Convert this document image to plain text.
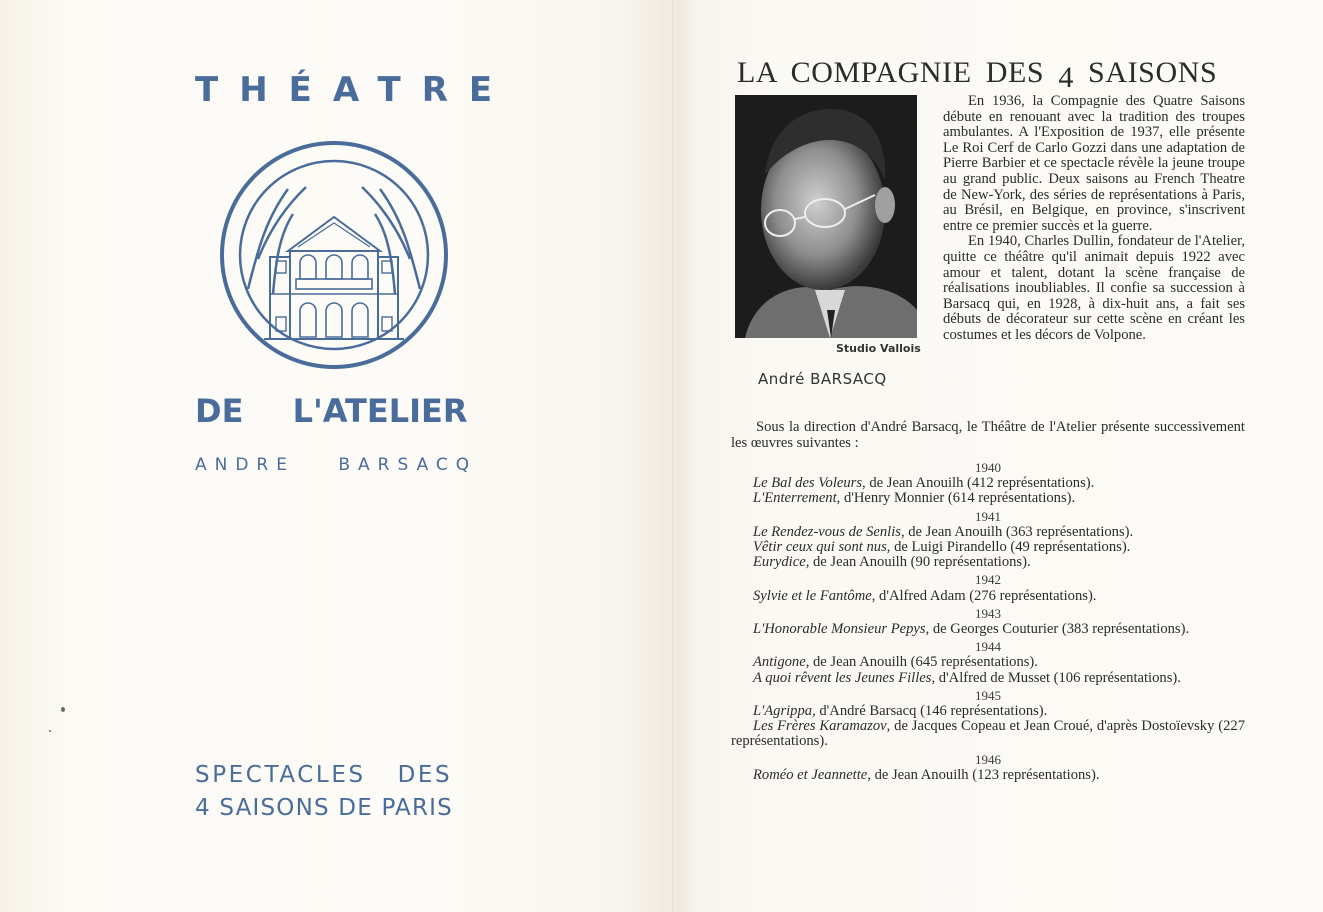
THÉATRE
DE L'ATELIER
ANDRE BARSACQ
SPECTACLES DES
4 SAISONS DE PARIS
LA COMPAGNIE DES 4 SAISONS
Studio Vallois
André BARSACQ

En 1936, la Compagnie des Quatre Saisons débute en renouant avec la tradition des troupes ambulantes. A l'Exposition de 1937, elle présente Le Roi Cerf de Carlo Gozzi dans une adaptation de Pierre Barbier et ce spectacle révèle la jeune troupe au grand public. Deux saisons au French Theatre de New-York, des séries de représentations à Paris, au Brésil, en Belgique, en province, s'inscrivent entre ce premier succès et la guerre.

En 1940, Charles Dullin, fondateur de l'Atelier, quitte ce théâtre qu'il animait depuis 1922 avec amour et talent, dotant la scène française de réalisations inoubliables. Il confie sa succession à Barsacq qui, en 1928, à dix-huit ans, a fait ses débuts de décorateur sur cette scène en créant les costumes et les décors de Volpone.

Sous la direction d'André Barsacq, le Théâtre de l'Atelier présente successivement les œuvres suivantes :

1940

Le Bal des Voleurs, de Jean Anouilh (412 représentations).

L'Enterrement, d'Henry Monnier (614 représentations).

1941

Le Rendez-vous de Senlis, de Jean Anouilh (363 représentations).

Vêtir ceux qui sont nus, de Luigi Pirandello (49 représentations).

Eurydice, de Jean Anouilh (90 représentations).

1942

Sylvie et le Fantôme, d'Alfred Adam (276 représentations).

1943

L'Honorable Monsieur Pepys, de Georges Couturier (383 représentations).

1944

Antigone, de Jean Anouilh (645 représentations).

A quoi rêvent les Jeunes Filles, d'Alfred de Musset (106 représentations).

1945

L'Agrippa, d'André Barsacq (146 représentations).

Les Frères Karamazov, de Jacques Copeau et Jean Croué, d'après Dostoïevsky (227 représentations).

1946

Roméo et Jeannette, de Jean Anouilh (123 représentations).
